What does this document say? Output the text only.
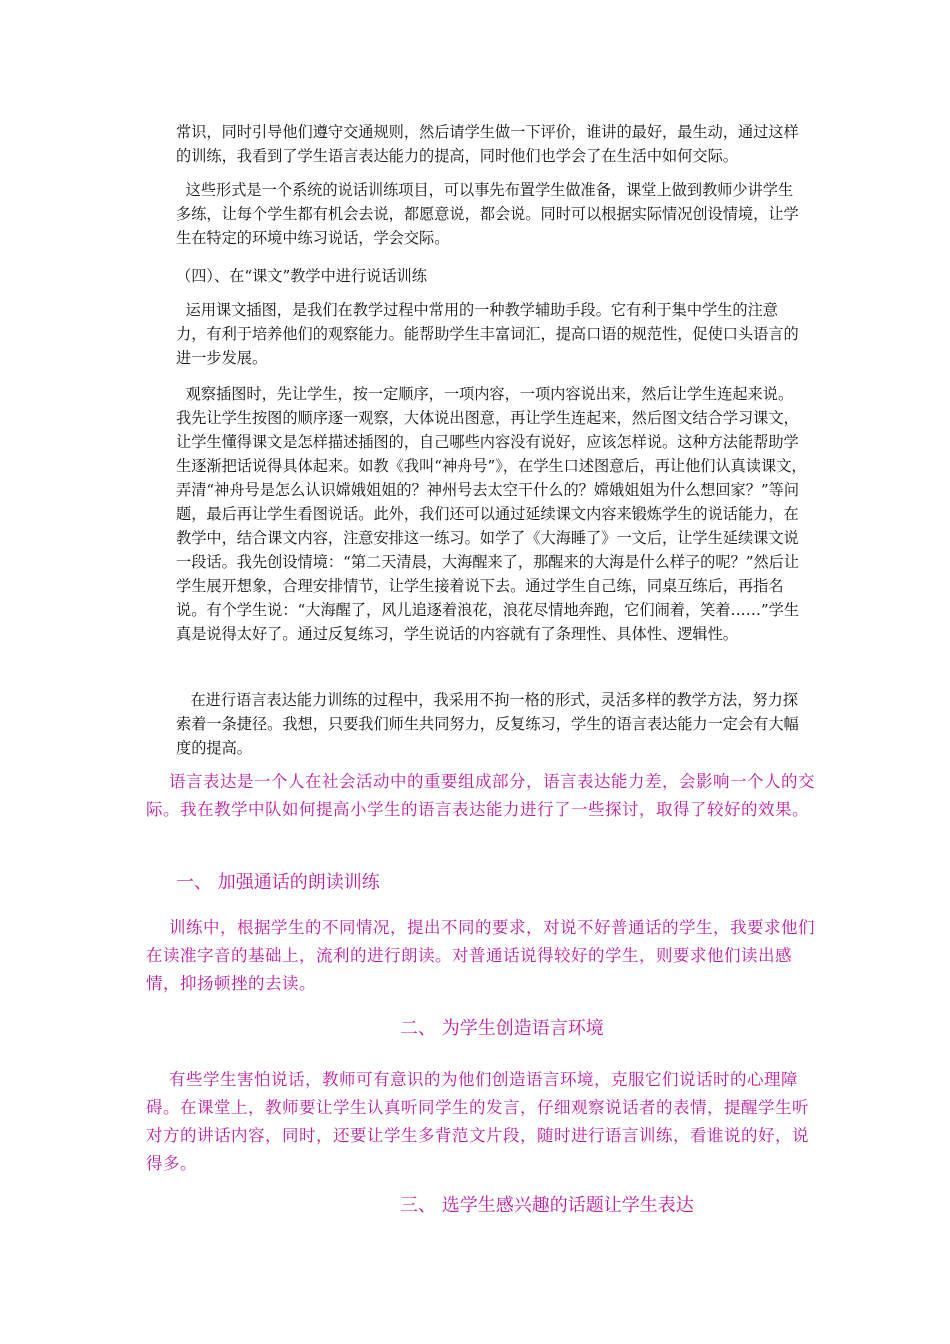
常识，同时引导他们遵守交通规则，然后请学生做一下评价，谁讲的最好，最生动，通过这样的训练，我看到了学生语言表达能力的提高，同时他们也学会了在生活中如何交际。

这些形式是一个系统的说话训练项目，可以事先布置学生做准备，课堂上做到教师少讲学生多练，让每个学生都有机会去说，都愿意说，都会说。同时可以根据实际情况创设情境，让学生在特定的环境中练习说话，学会交际。

（四）、在“课文”教学中进行说话训练

运用课文插图，是我们在教学过程中常用的一种教学辅助手段。它有利于集中学生的注意力，有利于培养他们的观察能力。能帮助学生丰富词汇，提高口语的规范性，促使口头语言的进一步发展。

观察插图时，先让学生，按一定顺序，一项内容，一项内容说出来，然后让学生连起来说。我先让学生按图的顺序逐一观察，大体说出图意，再让学生连起来，然后图文结合学习课文，让学生懂得课文是怎样描述插图的，自己哪些内容没有说好，应该怎样说。这种方法能帮助学生逐渐把话说得具体起来。如教《我叫“神舟号”》，在学生口述图意后，再让他们认真读课文，弄清“神舟号是怎么认识嫦娥姐姐的？神州号去太空干什么的？嫦娥姐姐为什么想回家？”等问题，最后再让学生看图说话。此外，我们还可以通过延续课文内容来锻炼学生的说话能力，在教学中，结合课文内容，注意安排这一练习。如学了《大海睡了》一文后，让学生延续课文说一段话。我先创设情境：“第二天清晨，大海醒来了，那醒来的大海是什么样子的呢？”然后让学生展开想象，合理安排情节，让学生接着说下去。通过学生自己练，同桌互练后，再指名说。有个学生说：“大海醒了，风儿追逐着浪花，浪花尽情地奔跑，它们闹着，笑着……”学生真是说得太好了。通过反复练习，学生说话的内容就有了条理性、具体性、逻辑性。

在进行语言表达能力训练的过程中，我采用不拘一格的形式，灵活多样的教学方法，努力探索着一条捷径。我想，只要我们师生共同努力，反复练习，学生的语言表达能力一定会有大幅度的提高。

语言表达是一个人在社会活动中的重要组成部分，语言表达能力差，会影响一个人的交际。我在教学中队如何提高小学生的语言表达能力进行了一些探讨，取得了较好的效果。

一、 加强通话的朗读训练

训练中，根据学生的不同情况，提出不同的要求，对说不好普通话的学生，我要求他们在读准字音的基础上，流利的进行朗读。对普通话说得较好的学生，则要求他们读出感情，抑扬顿挫的去读。

二、 为学生创造语言环境

有些学生害怕说话，教师可有意识的为他们创造语言环境，克服它们说话时的心理障碍。在课堂上，教师要让学生认真听同学生的发言，仔细观察说话者的表情，提醒学生听对方的讲话内容，同时，还要让学生多背范文片段，随时进行语言训练，看谁说的好，说得多。

三、 选学生感兴趣的话题让学生表达
